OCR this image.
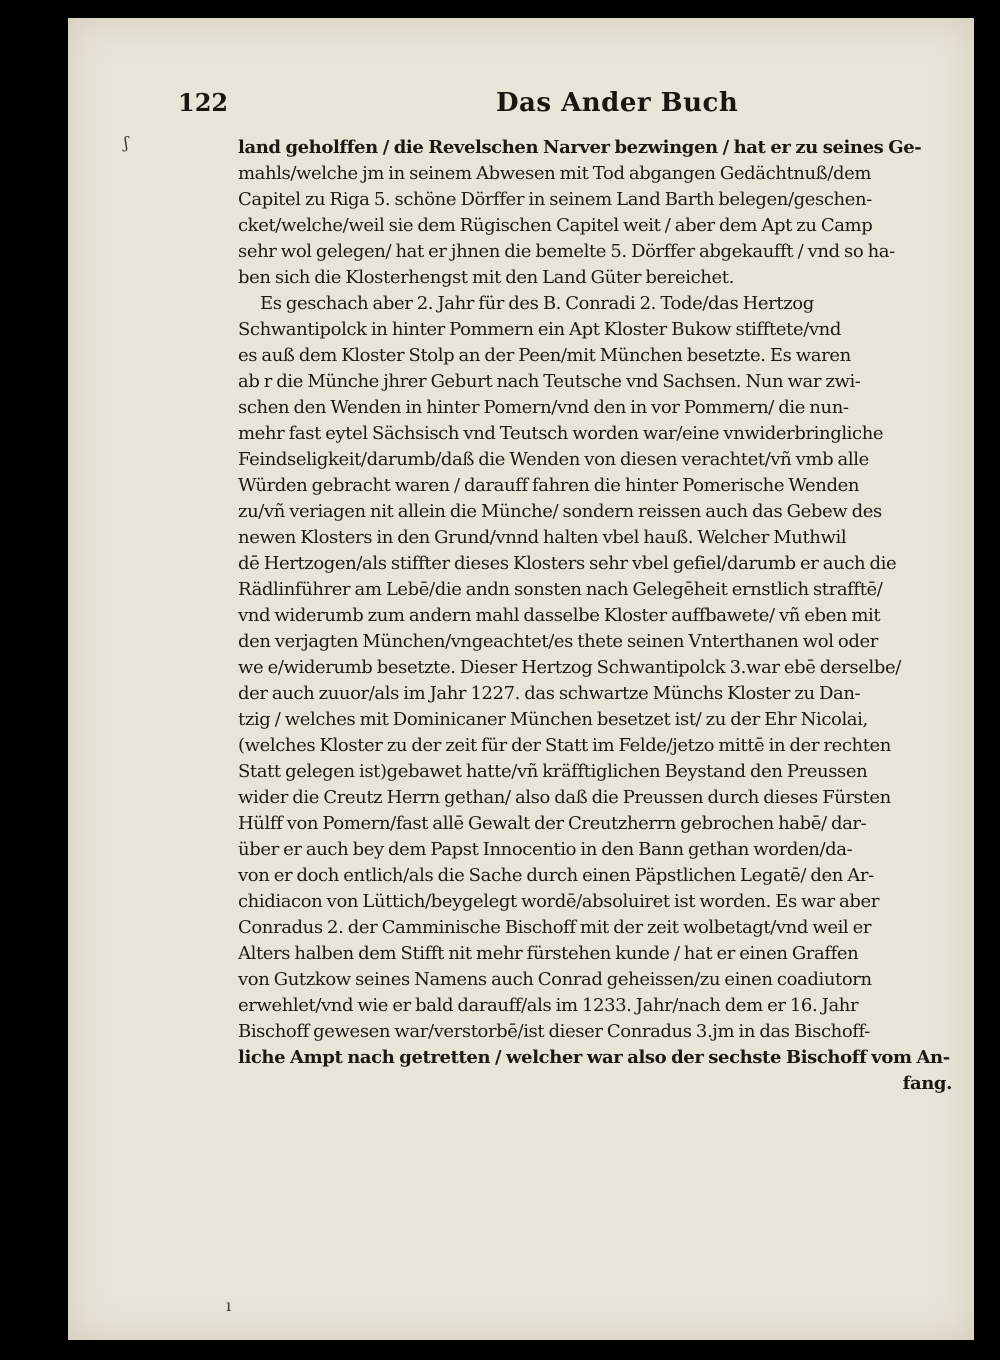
122	Das Ander Buch
land geholffen / die Revelschen Narver bezwingen / hat er zu seines Ge-
mahls/welche jm in seinem Abwesen mit Tod abgangen Gedächtnuß/dem
Capitel zu Riga 5. schöne Dörffer in seinem Land Barth belegen/geschen-
cket/welche/weil sie dem Rügischen Capitel weit / aber dem Apt zu Camp
sehr wol gelegen/ hat er jhnen die bemelte 5. Dörffer abgekaufft / vnd so ha-
ben sich die Klosterhengst mit den Land Güter bereichet.
Es geschach aber 2. Jahr für des B. Conradi 2. Tode/das Hertzog
Schwantipolck in hinter Pommern ein Apt Kloster Bukow stifftete/vnd
es auß dem Kloster Stolp an der Peen/mit München besetzte. Es waren
ab r die Münche jhrer Geburt nach Teutsche vnd Sachsen. Nun war zwi-
schen den Wenden in hinter Pomern/vnd den in vor Pommern/ die nun-
mehr fast eytel Sächsisch vnd Teutsch worden war/eine vnwiderbringliche
Feindseligkeit/darumb/daß die Wenden von diesen verachtet/vñ vmb alle
Würden gebracht waren / darauff fahren die hinter Pomerische Wenden
zu/vñ veriagen nit allein die Münche/ sondern reissen auch das Gebew des
newen Klosters in den Grund/vnnd halten vbel hauß. Welcher Muthwil
dē Hertzogen/als stiffter dieses Klosters sehr vbel gefiel/darumb er auch die
Rädlinführer am Lebē/die andn sonsten nach Gelegēheit ernstlich strafftē/
vnd widerumb zum andern mahl dasselbe Kloster auffbawete/ vñ eben mit
den verjagten München/vngeachtet/es thete seinen Vnterthanen wol oder
we e/widerumb besetzte. Dieser Hertzog Schwantipolck 3.war ebē derselbe/
der auch zuuor/als im Jahr 1227. das schwartze Münchs Kloster zu Dan-
tzig / welches mit Dominicaner München besetzet ist/ zu der Ehr Nicolai,
(welches Kloster zu der zeit für der Statt im Felde/jetzo mittē in der rechten
Statt gelegen ist)gebawet hatte/vñ kräfftiglichen Beystand den Preussen
wider die Creutz Herrn gethan/ also daß die Preussen durch dieses Fürsten
Hülff von Pomern/fast allē Gewalt der Creutzherrn gebrochen habē/ dar-
über er auch bey dem Papst Innocentio in den Bann gethan worden/da-
von er doch entlich/als die Sache durch einen Päpstlichen Legatē/ den Ar-
chidiacon von Lüttich/beygelegt wordē/absoluiret ist worden. Es war aber
Conradus 2. der Camminische Bischoff mit der zeit wolbetagt/vnd weil er
Alters halben dem Stifft nit mehr fürstehen kunde / hat er einen Graffen
von Gutzkow seines Namens auch Conrad geheissen/zu einen coadiutorn
erwehlet/vnd wie er bald darauff/als im 1233. Jahr/nach dem er 16. Jahr
Bischoff gewesen war/verstorbē/ist dieser Conradus 3.jm in das Bischoff-
liche Ampt nach getretten / welcher war also der sechste Bischoff vom An-
fang.
ʃ
ı
